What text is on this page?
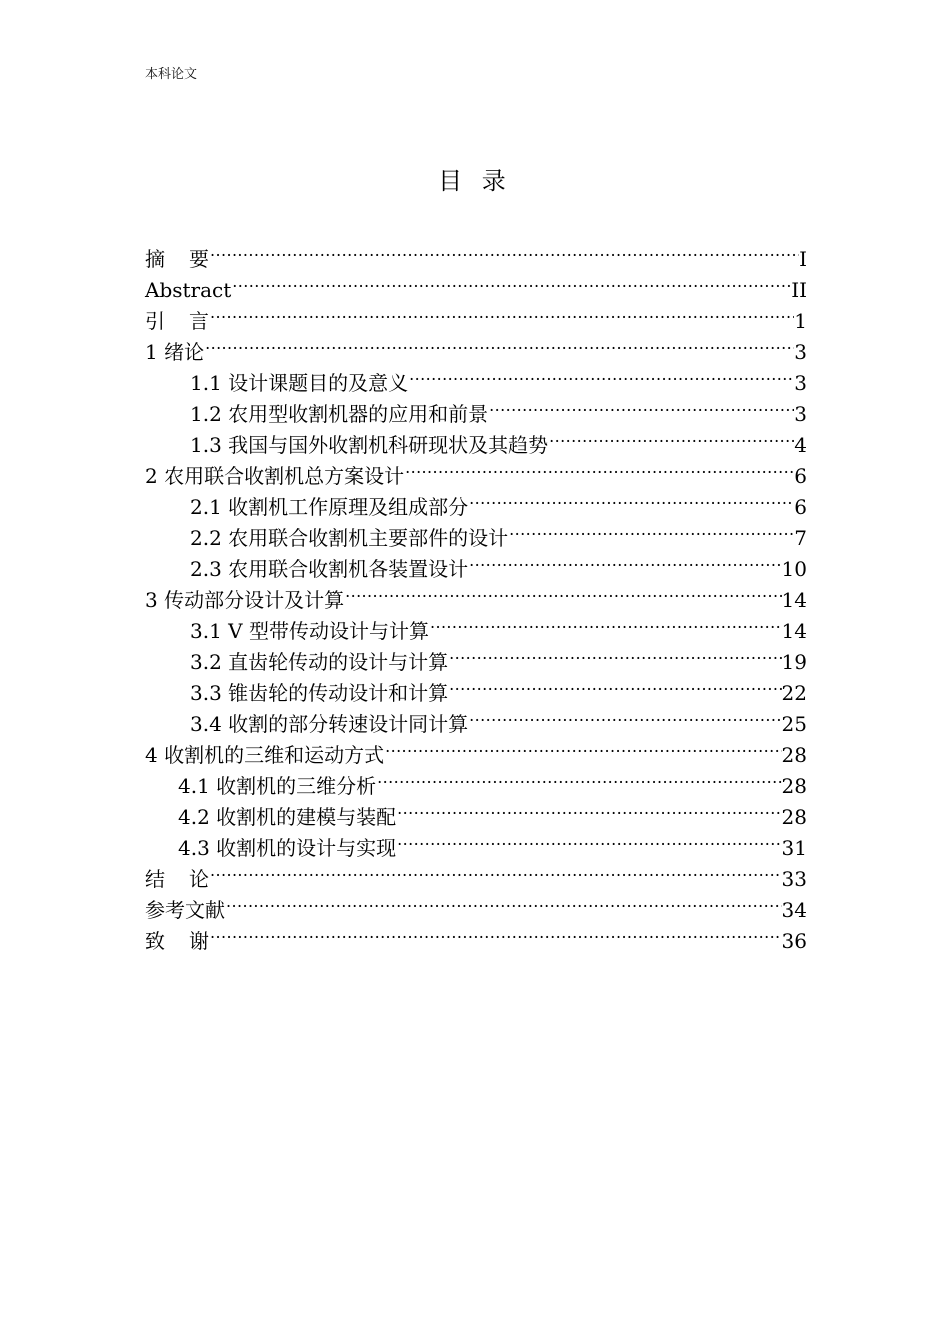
本科论文
目 录
摘 要 .....	I
Abstract .....	II
引 言 .....	1
1 绪论 .....	3
1.1 设计课题目的及意义 .....	3
1.2 农用型收割机器的应用和前景 .....	3
1.3 我国与国外收割机科研现状及其趋势 .....	4
2 农用联合收割机总方案设计 .....	6
2.1 收割机工作原理及组成部分 .....	6
2.2 农用联合收割机主要部件的设计 .....	7
2.3 农用联合收割机各装置设计 .....	10
3 传动部分设计及计算 .....	14
3.1 V 型带传动设计与计算 .....	14
3.2 直齿轮传动的设计与计算 .....	19
3.3 锥齿轮的传动设计和计算 .....	22
3.4 收割的部分转速设计同计算 .....	25
4 收割机的三维和运动方式 .....	28
4.1 收割机的三维分析 .....	28
4.2 收割机的建模与装配 .....	28
4.3 收割机的设计与实现 .....	31
结 论 .....	33
参考文献 .....	34
致 谢 .....	36
